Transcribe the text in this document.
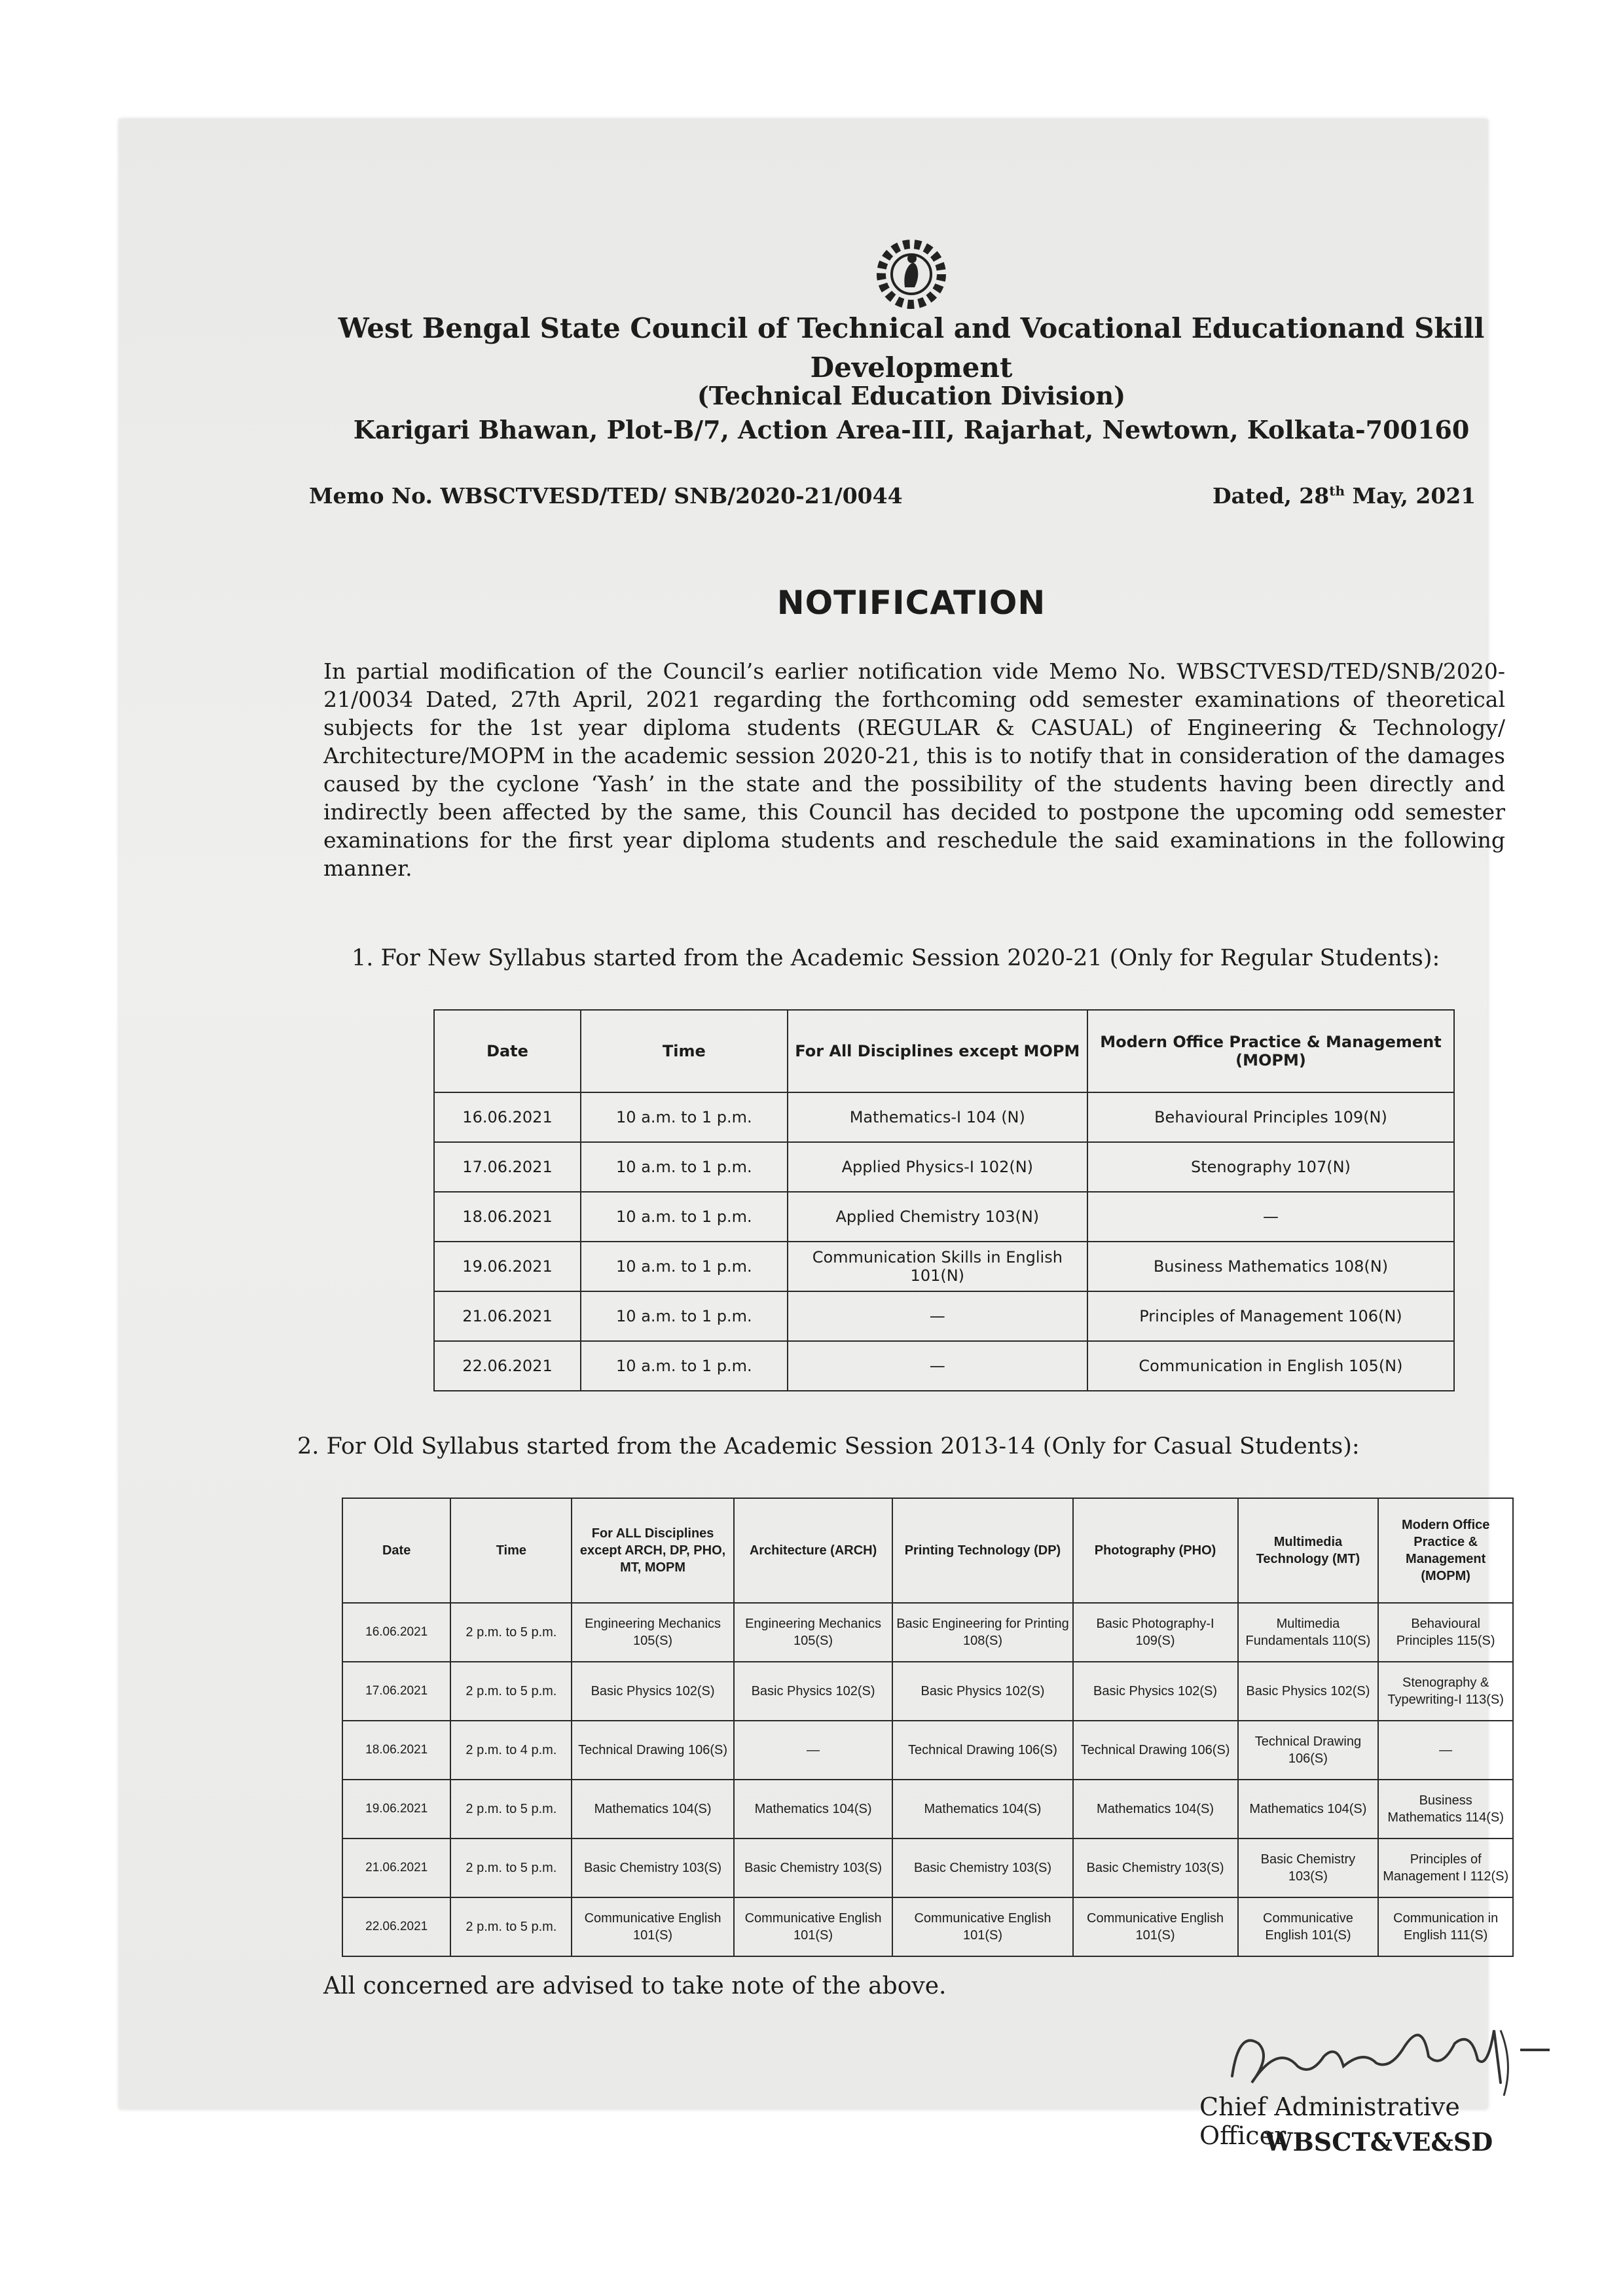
West Bengal State Council of Technical and Vocational Educationand Skill Development
(Technical Education Division)
Karigari Bhawan, Plot-B/7, Action Area-III, Rajarhat, Newtown, Kolkata-700160
Memo No. WBSCTVESD/TED/ SNB/2020-21/0044	Dated, 28th May, 2021
NOTIFICATION
In partial modification of the Council’s earlier notification vide Memo No. WBSCTVESD/TED/SNB/2020-21/0034 Dated, 27th April, 2021 regarding the forthcoming odd semester examinations of theoretical subjects for the 1st year diploma students (REGULAR & CASUAL) of Engineering & Technology/ Architecture/MOPM in the academic session 2020-21, this is to notify that in consideration of the damages caused by the cyclone ‘Yash’ in the state and the possibility of the students having been directly and indirectly been affected by the same, this Council has decided to postpone the upcoming odd semester examinations for the first year diploma students and reschedule the said examinations in the following manner.
1. For New Syllabus started from the Academic Session 2020-21 (Only for Regular Students):
Date	Time	For All Disciplines except MOPM	Modern Office Practice & Management (MOPM)
16.06.2021	10 a.m. to 1 p.m.	Mathematics-I 104 (N)	Behavioural Principles 109(N)
17.06.2021	10 a.m. to 1 p.m.	Applied Physics-I 102(N)	Stenography 107(N)
18.06.2021	10 a.m. to 1 p.m.	Applied Chemistry 103(N)	—
19.06.2021	10 a.m. to 1 p.m.	Communication Skills in English 101(N)	Business Mathematics 108(N)
21.06.2021	10 a.m. to 1 p.m.	—	Principles of Management 106(N)
22.06.2021	10 a.m. to 1 p.m.	—	Communication in English 105(N)
2. For Old Syllabus started from the Academic Session 2013-14 (Only for Casual Students):
Date	Time	For ALL Disciplines except ARCH, DP, PHO, MT, MOPM	Architecture (ARCH)	Printing Technology (DP)	Photography (PHO)	Multimedia Technology (MT)	Modern Office Practice & Management (MOPM)
16.06.2021	2 p.m. to 5 p.m.	Engineering Mechanics 105(S)	Engineering Mechanics 105(S)	Basic Engineering for Printing 108(S)	Basic Photography-I 109(S)	Multimedia Fundamentals 110(S)	Behavioural Principles 115(S)
17.06.2021	2 p.m. to 5 p.m.	Basic Physics 102(S)	Basic Physics 102(S)	Basic Physics 102(S)	Basic Physics 102(S)	Basic Physics 102(S)	Stenography & Typewriting-I 113(S)
18.06.2021	2 p.m. to 4 p.m.	Technical Drawing 106(S)	—	Technical Drawing 106(S)	Technical Drawing 106(S)	Technical Drawing 106(S)	—
19.06.2021	2 p.m. to 5 p.m.	Mathematics 104(S)	Mathematics 104(S)	Mathematics 104(S)	Mathematics 104(S)	Mathematics 104(S)	Business Mathematics 114(S)
21.06.2021	2 p.m. to 5 p.m.	Basic Chemistry 103(S)	Basic Chemistry 103(S)	Basic Chemistry 103(S)	Basic Chemistry 103(S)	Basic Chemistry 103(S)	Principles of Management I 112(S)
22.06.2021	2 p.m. to 5 p.m.	Communicative English 101(S)	Communicative English 101(S)	Communicative English 101(S)	Communicative English 101(S)	Communicative English 101(S)	Communication in English 111(S)
All concerned are advised to take note of the above.
Chief Administrative Officer
WBSCT&VE&SD
